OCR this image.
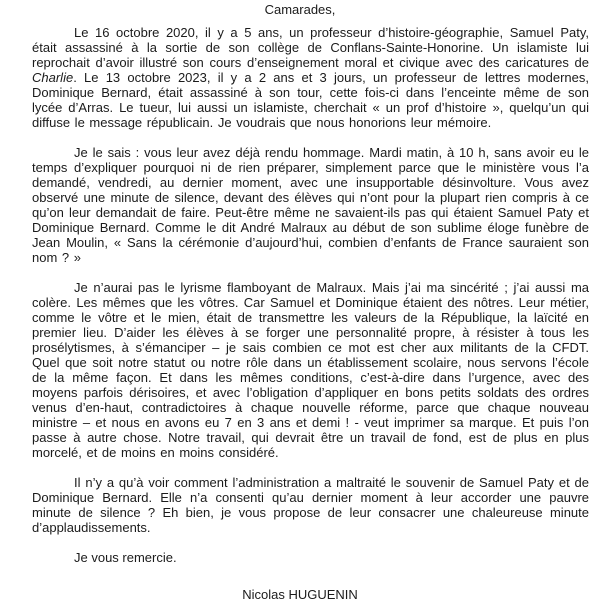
Camarades,

Le 16 octobre 2020, il y a 5 ans, un professeur d’histoire-géographie, Samuel Paty, était assassiné à la sortie de son collège de Conflans-Sainte-Honorine. Un islamiste lui reprochait d’avoir illustré son cours d’enseignement moral et civique avec des caricatures de Charlie. Le 13 octobre 2023, il y a 2 ans et 3 jours, un professeur de lettres modernes, Dominique Bernard, était assassiné à son tour, cette fois-ci dans l’enceinte même de son lycée d’Arras. Le tueur, lui aussi un islamiste, cherchait « un prof d’histoire », quelqu’un qui diffuse le message républicain. Je voudrais que nous honorions leur mémoire.

Je le sais : vous leur avez déjà rendu hommage. Mardi matin, à 10 h, sans avoir eu le temps d’expliquer pourquoi ni de rien préparer, simplement parce que le ministère vous l’a demandé, vendredi, au dernier moment, avec une insupportable désinvolture. Vous avez observé une minute de silence, devant des élèves qui n’ont pour la plupart rien compris à ce qu’on leur demandait de faire. Peut-être même ne savaient-ils pas qui étaient Samuel Paty et Dominique Bernard. Comme le dit André Malraux au début de son sublime éloge funèbre de Jean Moulin, « Sans la cérémonie d’aujourd’hui, combien d’enfants de France sauraient son nom ? »

Je n’aurai pas le lyrisme flamboyant de Malraux. Mais j’ai ma sincérité ; j’ai aussi ma colère. Les mêmes que les vôtres. Car Samuel et Dominique étaient des nôtres. Leur métier, comme le vôtre et le mien, était de transmettre les valeurs de la République, la laïcité en premier lieu. D’aider les élèves à se forger une personnalité propre, à résister à tous les prosélytismes, à s’émanciper – je sais combien ce mot est cher aux militants de la CFDT. Quel que soit notre statut ou notre rôle dans un établissement scolaire, nous servons l’école de la même façon. Et dans les mêmes conditions, c’est-à-dire dans l’urgence, avec des moyens parfois dérisoires, et avec l’obligation d’appliquer en bons petits soldats des ordres venus d’en-haut, contradictoires à chaque nouvelle réforme, parce que chaque nouveau ministre – et nous en avons eu 7 en 3 ans et demi ! - veut imprimer sa marque. Et puis l’on passe à autre chose. Notre travail, qui devrait être un travail de fond, est de plus en plus morcelé, et de moins en moins considéré.

Il n’y a qu’à voir comment l’administration a maltraité le souvenir de Samuel Paty et de Dominique Bernard. Elle n’a consenti qu’au dernier moment à leur accorder une pauvre minute de silence ? Eh bien, je vous propose de leur consacrer une chaleureuse minute d’applaudissements.

Je vous remercie.
Nicolas HUGUENIN
